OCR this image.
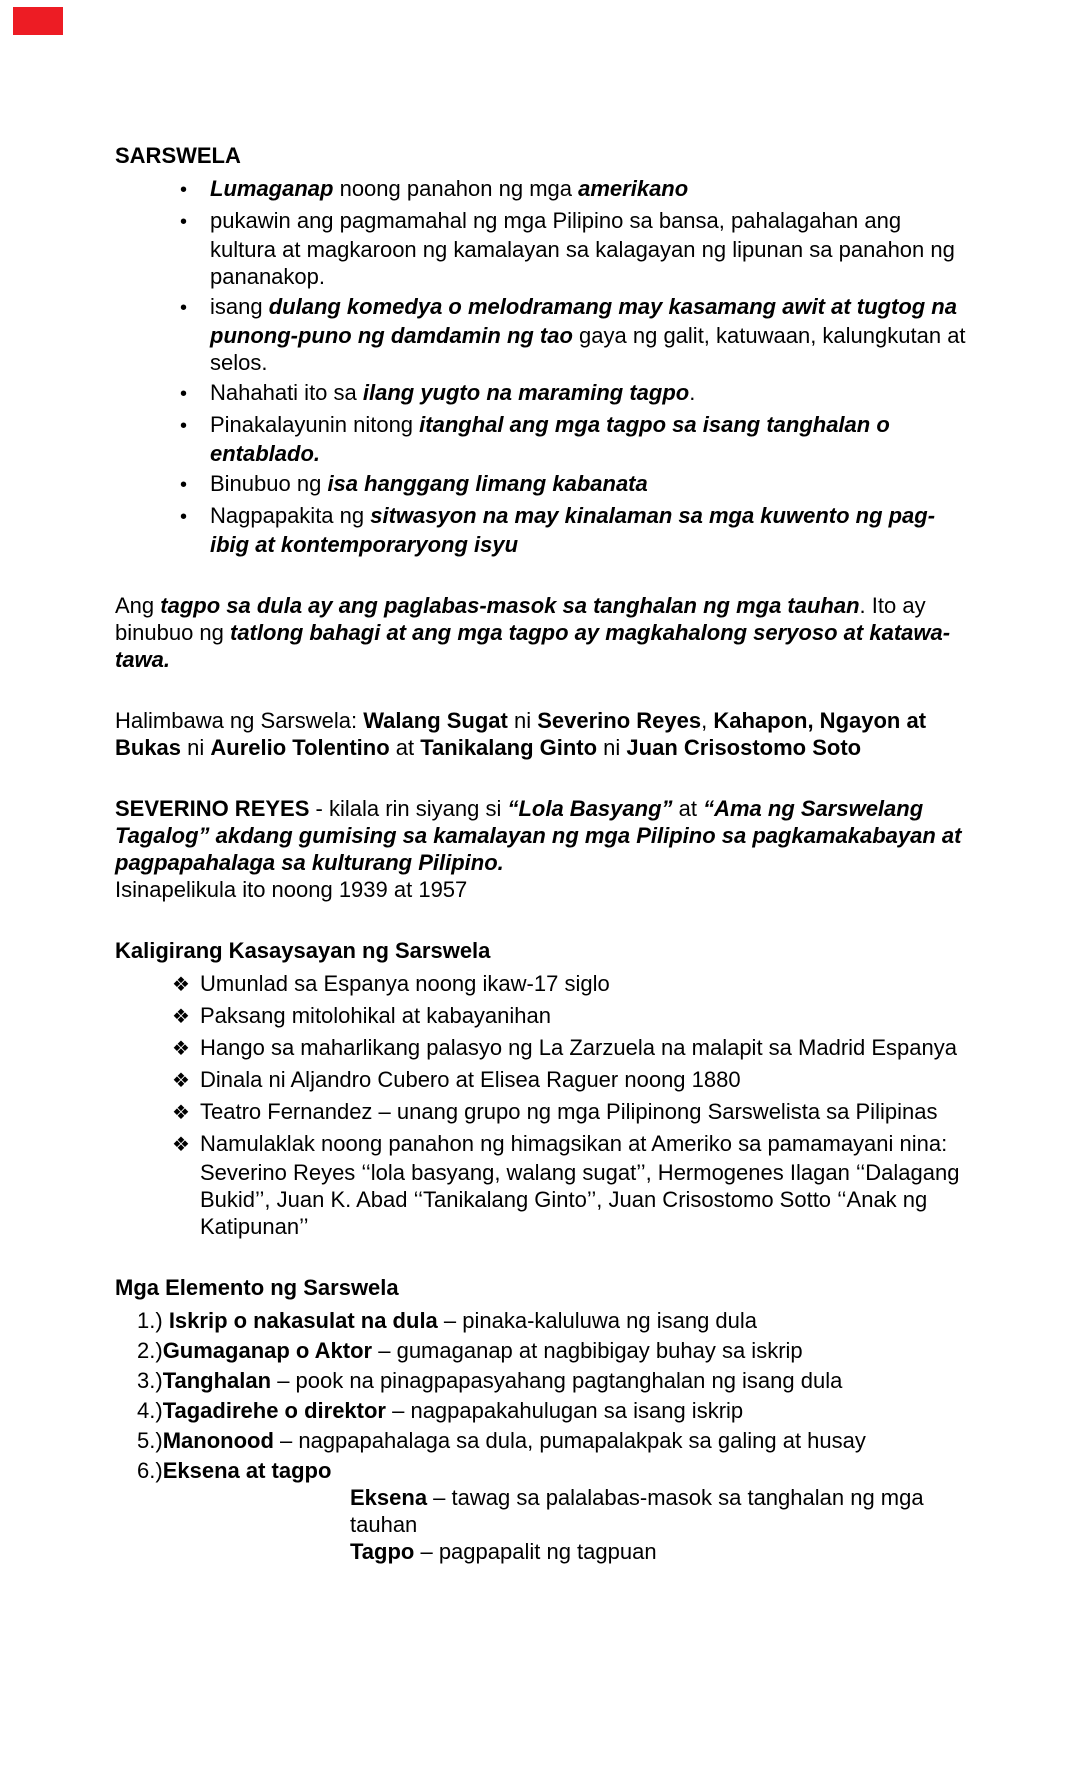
SARSWELA
• Lumaganap noong panahon ng mga amerikano
• pukawin ang pagmamahal ng mga Pilipino sa bansa, pahalagahan ang kultura at magkaroon ng kamalayan sa kalagayan ng lipunan sa panahon ng pananakop.
• isang dulang komedya o melodramang may kasamang awit at tugtog na punong-puno ng damdamin ng tao gaya ng galit, katuwaan, kalungkutan at selos.
• Nahahati ito sa ilang yugto na maraming tagpo.
• Pinakalayunin nitong itanghal ang mga tagpo sa isang tanghalan o entablado.
• Binubuo ng isa hanggang limang kabanata
• Nagpapakita ng sitwasyon na may kinalaman sa mga kuwento ng pag-ibig at kontemporaryong isyu
Ang tagpo sa dula ay ang paglabas-masok sa tanghalan ng mga tauhan. Ito ay binubuo ng tatlong bahagi at ang mga tagpo ay magkahalong seryoso at katawa-tawa.
Halimbawa ng Sarswela: Walang Sugat ni Severino Reyes, Kahapon, Ngayon at Bukas ni Aurelio Tolentino at Tanikalang Ginto ni Juan Crisostomo Soto
SEVERINO REYES - kilala rin siyang si “Lola Basyang” at “Ama ng Sarswelang Tagalog” akdang gumising sa kamalayan ng mga Pilipino sa pagkamakabayan at pagpapahalaga sa kulturang Pilipino.
Isinapelikula ito noong 1939 at 1957
Kaligirang Kasaysayan ng Sarswela
❖ Umunlad sa Espanya noong ikaw-17 siglo
❖ Paksang mitolohikal at kabayanihan
❖ Hango sa maharlikang palasyo ng La Zarzuela na malapit sa Madrid Espanya
❖ Dinala ni Aljandro Cubero at Elisea Raguer noong 1880
❖ Teatro Fernandez – unang grupo ng mga Pilipinong Sarswelista sa Pilipinas
❖ Namulaklak noong panahon ng himagsikan at Ameriko sa pamamayani nina: Severino Reyes ‘‘lola basyang, walang sugat’’, Hermogenes Ilagan ‘‘Dalagang Bukid’’, Juan K. Abad ‘‘Tanikalang Ginto’’, Juan Crisostomo Sotto ‘‘Anak ng Katipunan’’
Mga Elemento ng Sarswela
1.) Iskrip o nakasulat na dula – pinaka-kaluluwa ng isang dula
2.)Gumaganap o Aktor – gumaganap at nagbibigay buhay sa iskrip
3.)Tanghalan – pook na pinagpapasyahang pagtanghalan ng isang dula
4.)Tagadirehe o direktor – nagpapakahulugan sa isang iskrip
5.)Manonood – nagpapahalaga sa dula, pumapalakpak sa galing at husay
6.)Eksena at tagpo
Eksena – tawag sa palalabas-masok sa tanghalan ng mga tauhan
Tagpo – pagpapalit ng tagpuan
